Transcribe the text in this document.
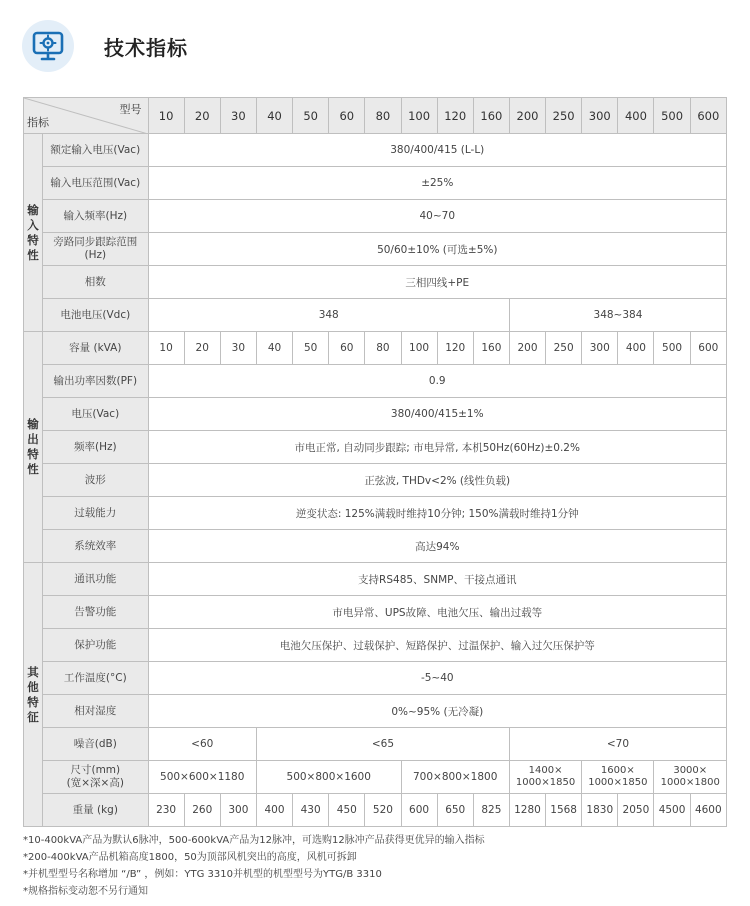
技术指标
型号
指标		10	20	30	40	50	60	80	100	120	160	200	250	300	400	500	600
输入特性	额定输入电压(Vac)	380/400/415 (L-L)															
	输入电压范围(Vac)	±25%															
	输入频率(Hz)	40~70															
	旁路同步跟踪范围(Hz)	50/60±10% (可选±5%)															
	相数	三相四线+PE															
	电池电压(Vdc)	348										348~384					
输出特性	容量 (kVA)	10	20	30	40	50	60	80	100	120	160	200	250	300	400	500	600
	输出功率因数(PF)	0.9															
	电压(Vac)	380/400/415±1%															
	频率(Hz)	市电正常, 自动同步跟踪; 市电异常, 本机50Hz(60Hz)±0.2%															
	波形	正弦波, THDv<2% (线性负载)															
	过载能力	逆变状态: 125%满载时维持10分钟; 150%满载时维持1分钟															
	系统效率	高达94%															
其他特征	通讯功能	支持RS485、SNMP、干接点通讯															
	告警功能	市电异常、UPS故障、电池欠压、输出过载等															
	保护功能	电池欠压保护、过载保护、短路保护、过温保护、输入过欠压保护等															
	工作温度(°C)	-5~40															
	相对湿度	0%~95% (无冷凝)															
	噪音(dB)	<60			<65							<70					
	尺寸(mm)
(宽×深×高)	500×600×1180			500×800×1600				700×800×1800			1400×
1000×1850		1600×
1000×1850		3000×
1000×1800	
	重量 (kg)	230	260	300	400	430	450	520	600	650	825	1280	1568	1830	2050	4500	4600
*10-400kVA产品为默认6脉冲，500-600kVA产品为12脉冲，可选购12脉冲产品获得更优异的输入指标
*200-400kVA产品机箱高度1800，50为顶部风机突出的高度，风机可拆卸
*并机型型号名称增加 “/B” ，例如：YTG 3310并机型的机型型号为YTG/B 3310
*规格指标变动恕不另行通知
